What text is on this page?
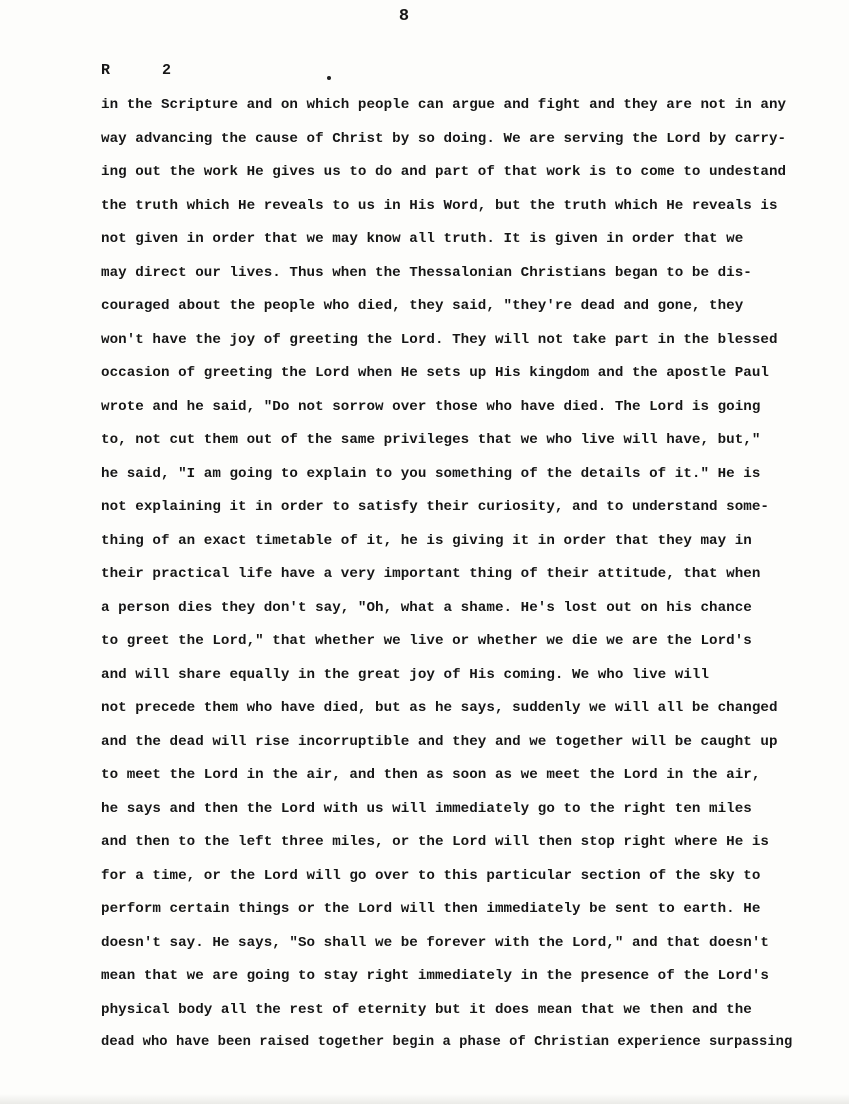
8
R	2
in the Scripture and on which people can argue and fight and they are not in any
way advancing the cause of Christ by so doing. We are serving the Lord by carry-
ing out the work He gives us to do and part of that work is to come to undestand
the truth which He reveals to us in His Word, but the truth which He reveals is
not given in order that we may know all truth. It is given in order that we
may direct our lives. Thus when the Thessalonian Christians began to be dis-
couraged about the people who died, they said, "they're dead and gone, they
won't have the joy of greeting the Lord. They will not take part in the blessed
occasion of greeting the Lord when He sets up His kingdom and the apostle Paul
wrote and he said, "Do not sorrow over those who have died. The Lord is going
to, not cut them out of the same privileges that we who live will have, but,"
he said, "I am going to explain to you something of the details of it." He is
not explaining it in order to satisfy their curiosity, and to understand some-
thing of an exact timetable of it, he is giving it in order that they may in
their practical life have a very important thing of their attitude, that when
a person dies they don't say, "Oh, what a shame. He's lost out on his chance
to greet the Lord," that whether we live or whether we die we are the Lord's
and will share equally in the great joy of His coming. We who live will
not precede them who have died, but as he says, suddenly we will all be changed
and the dead will rise incorruptible and they and we together will be caught up
to meet the Lord in the air, and then as soon as we meet the Lord in the air,
he says and then the Lord with us will immediately go to the right ten miles
and then to the left three miles, or the Lord will then stop right where He is
for a time, or the Lord will go over to this particular section of the sky to
perform certain things or the Lord will then immediately be sent to earth. He
doesn't say. He says, "So shall we be forever with the Lord," and that doesn't
mean that we are going to stay right immediately in the presence of the Lord's
physical body all the rest of eternity but it does mean that we then and the
dead who have been raised together begin a phase of Christian experience surpassing
